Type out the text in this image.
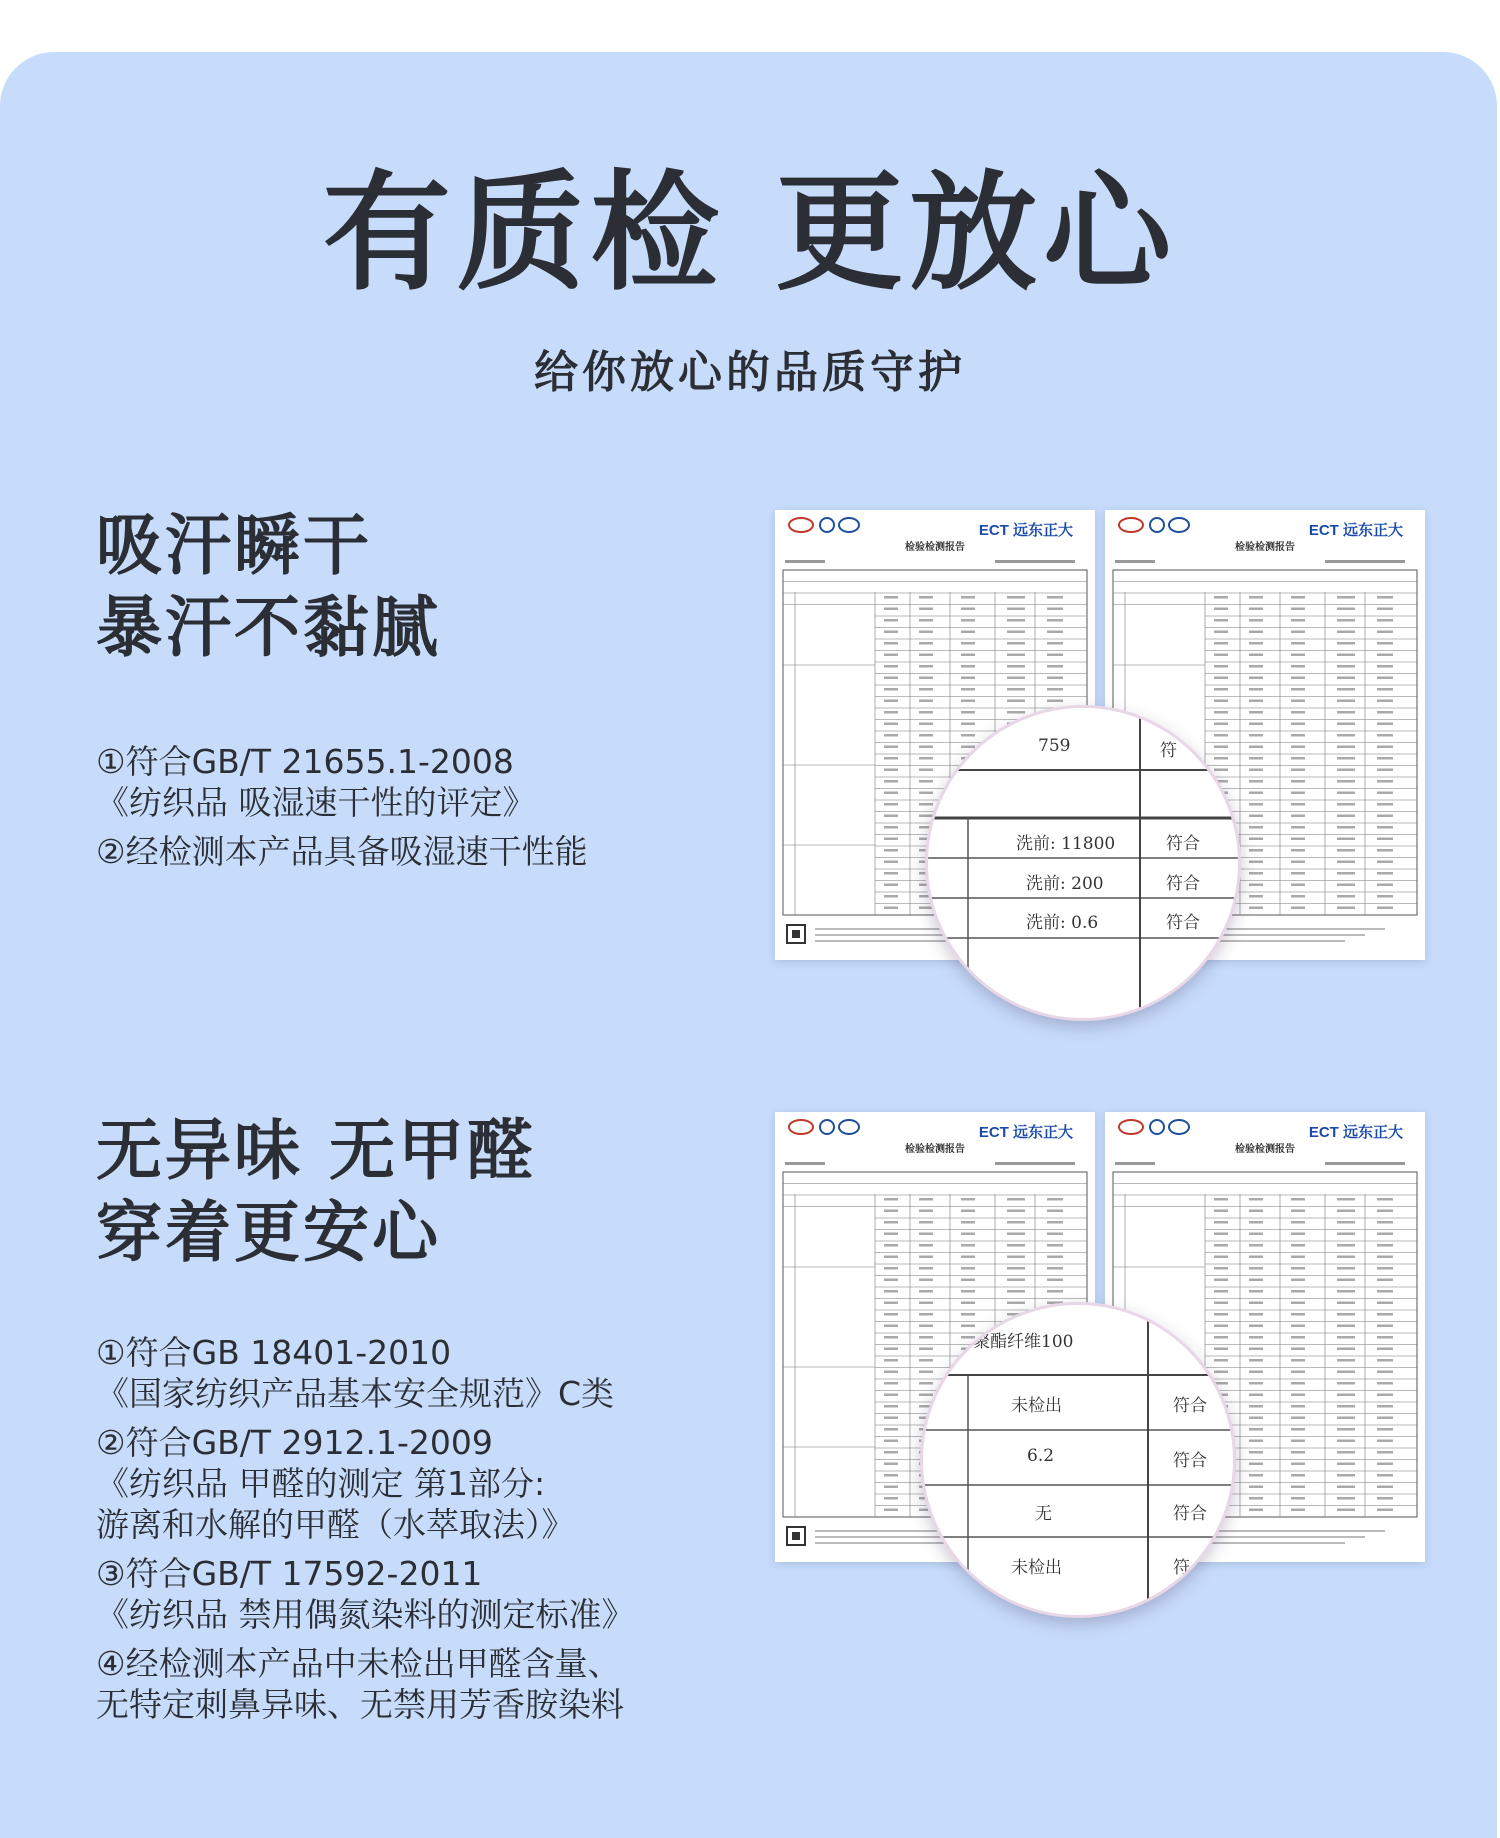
有质检 更放心
给你放心的品质守护
吸汗瞬干
暴汗不黏腻
①符合GB/T 21655.1-2008
《纺织品 吸湿速干性的评定》
②经检测本产品具备吸湿速干性能
ECT 远东正大
检验检测报告
ECT 远东正大
检验检测报告
759	符
洗前: 11800	符合
洗前: 200	符合
洗前: 0.6	符合
无异味 无甲醛
穿着更安心
①符合GB 18401-2010
《国家纺织产品基本安全规范》C类
②符合GB/T 2912.1-2009
《纺织品 甲醛的测定 第1部分:
游离和水解的甲醛（水萃取法）》
③符合GB/T 17592-2011
《纺织品 禁用偶氮染料的测定标准》
④经检测本产品中未检出甲醛含量、
无特定刺鼻异味、无禁用芳香胺染料
ECT 远东正大
检验检测报告
ECT 远东正大
检验检测报告
聚酯纤维100
未检出	符合
6.2	符合
无	符合
未检出	符
